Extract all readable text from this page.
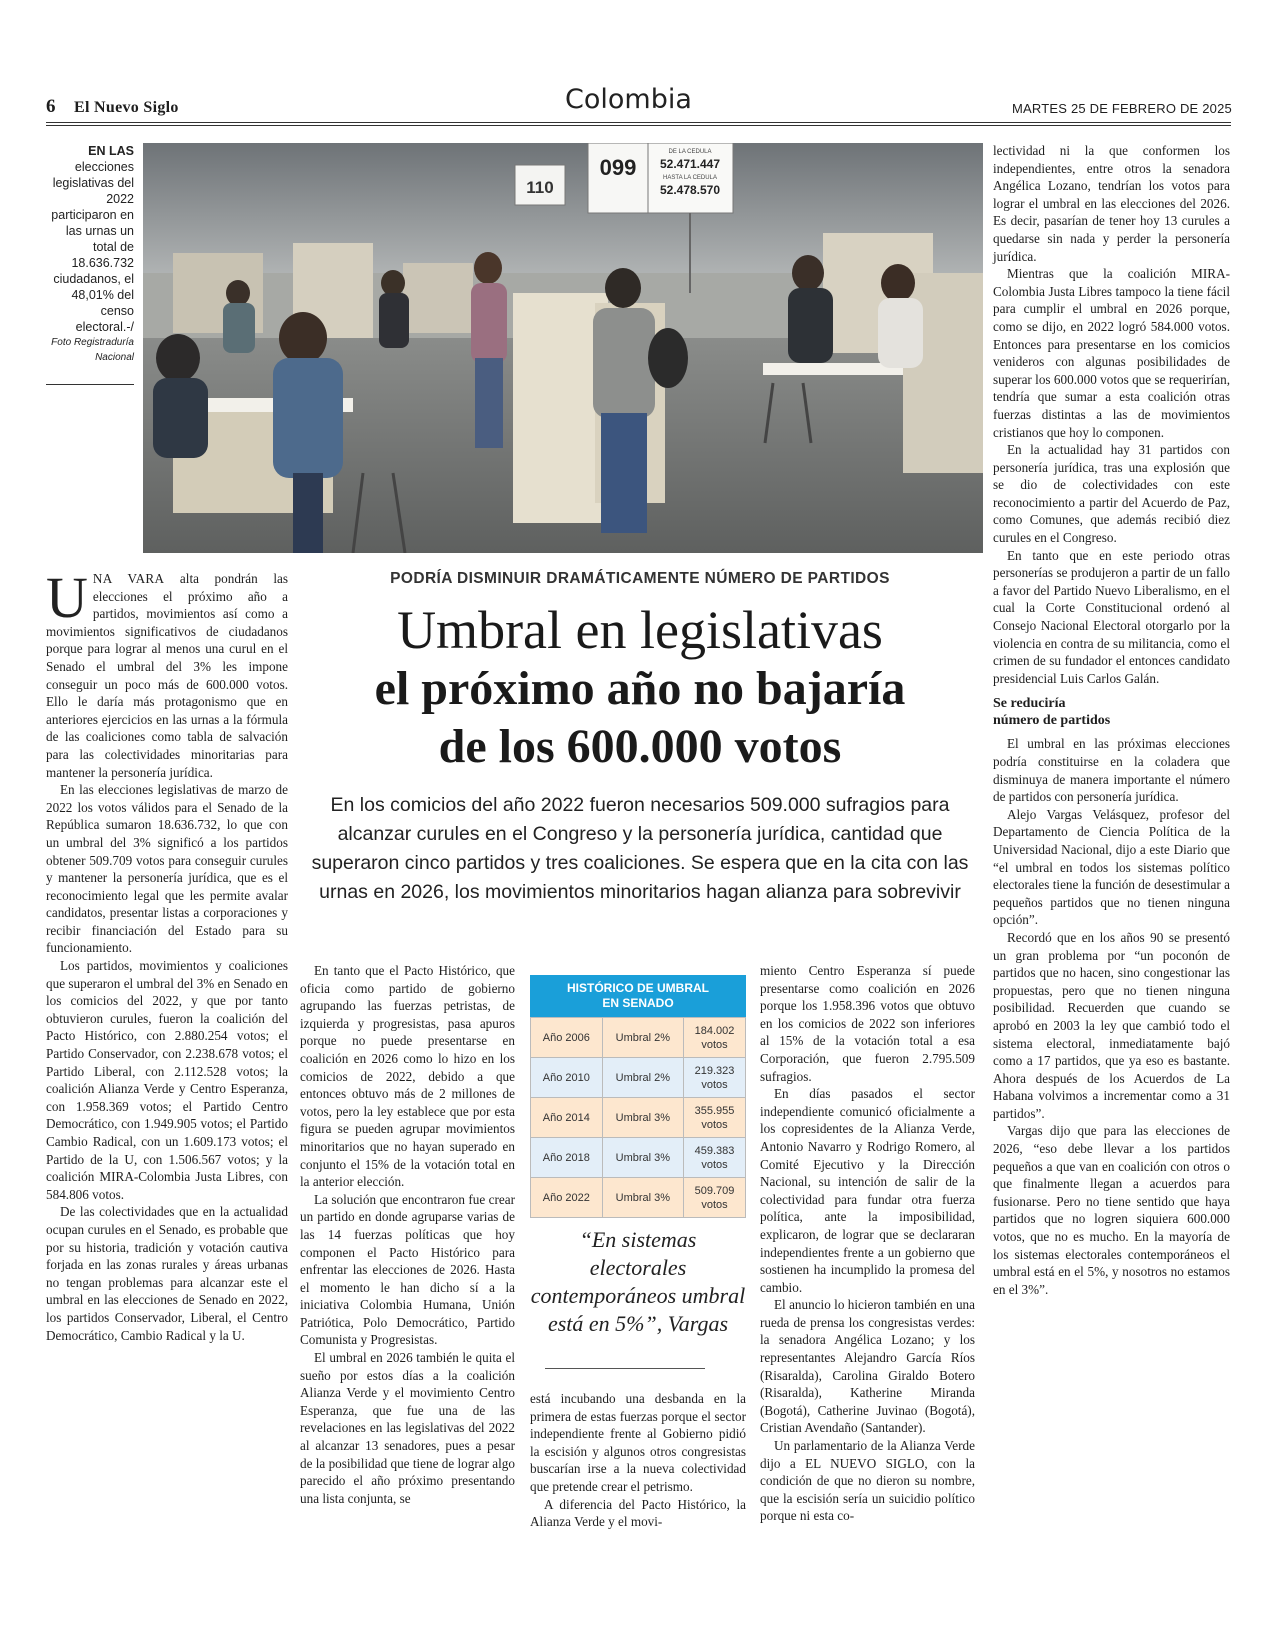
6 El Nuevo Siglo	Colombia	MARTES 25 DE FEBRERO DE 2025
EN LAS elecciones legislativas del 2022 participaron en las urnas un total de 18.636.732 ciudadanos, el 48,01% del censo electoral.-/
Foto Registraduría Nacional
110
099
DE LA CEDULA
52.471.447
HASTA LA CEDULA
52.478.570

UNA VARA alta pondrán las elecciones el próximo año a partidos, movimientos así como a movimientos significativos de ciudadanos porque para lograr al menos una curul en el Senado el umbral del 3% les impone conseguir un poco más de 600.000 votos. Ello le daría más protagonismo que en anteriores ejercicios en las urnas a la fórmula de las coaliciones como tabla de salvación para las colectividades minoritarias para mantener la personería jurídica.

En las elecciones legislativas de marzo de 2022 los votos válidos para el Senado de la República sumaron 18.636.732, lo que con un umbral del 3% significó a los partidos obtener 509.709 votos para conseguir curules y mantener la personería jurídica, que es el reconocimiento legal que les permite avalar candidatos, presentar listas a corporaciones y recibir financiación del Estado para su funcionamiento.

Los partidos, movimientos y coaliciones que superaron el umbral del 3% en Senado en los comicios del 2022, y que por tanto obtuvieron curules, fueron la coalición del Pacto Histórico, con 2.880.254 votos; el Partido Conservador, con 2.238.678 votos; el Partido Liberal, con 2.112.528 votos; la coalición Alianza Verde y Centro Esperanza, con 1.958.369 votos; el Partido Centro Democrático, con 1.949.905 votos; el Partido Cambio Radical, con un 1.609.173 votos; el Partido de la U, con 1.506.567 votos; y la coalición MIRA-Colombia Justa Libres, con 584.806 votos.

De las colectividades que en la actualidad ocupan curules en el Senado, es probable que por su historia, tradición y votación cautiva forjada en las zonas rurales y áreas urbanas no tengan problemas para alcanzar este el umbral en las elecciones de Senado en 2022, los partidos Conservador, Liberal, el Centro Democrático, Cambio Radical y la U.

PODRÍA DISMINUIR DRAMÁTICAMENTE NÚMERO DE PARTIDOS
Umbral en legislativas
el próximo año no bajaría
de los 600.000 votos
En los comicios del año 2022 fueron necesarios 509.000 sufragios para alcanzar curules en el Congreso y la personería jurídica, cantidad que superaron cinco partidos y tres coaliciones. Se espera que en la cita con las urnas en 2026, los movimientos minoritarios hagan alianza para sobrevivir

En tanto que el Pacto Histórico, que oficia como partido de gobierno agrupando las fuerzas petristas, de izquierda y progresistas, pasa apuros porque no puede presentarse en coalición en 2026 como lo hizo en los comicios de 2022, debido a que entonces obtuvo más de 2 millones de votos, pero la ley establece que por esta figura se pueden agrupar movimientos minoritarios que no hayan superado en conjunto el 15% de la votación total en la anterior elección.

La solución que encontraron fue crear un partido en donde agruparse varias de las 14 fuerzas políticas que hoy componen el Pacto Histórico para enfrentar las elecciones de 2026. Hasta el momento le han dicho sí a la iniciativa Colombia Humana, Unión Patriótica, Polo Democrático, Partido Comunista y Progresistas.

El umbral en 2026 también le quita el sueño por estos días a la coalición Alianza Verde y el movimiento Centro Esperanza, que fue una de las revelaciones en las legislativas del 2022 al alcanzar 13 senadores, pues a pesar de la posibilidad que tiene de lograr algo parecido el año próximo presentando una lista conjunta, se

HISTÓRICO DE UMBRAL
EN SENADO
Año 2006	Umbral 2%	184.002
votos

Año 2010	Umbral 2%	219.323
votos

Año 2014	Umbral 3%	355.955
votos

Año 2018	Umbral 3%	459.383
votos

Año 2022	Umbral 3%	509.709
votos
“En sistemas electorales contemporáneos umbral está en 5%”, Vargas

está incubando una desbanda en la primera de estas fuerzas porque el sector independiente frente al Gobierno pidió la escisión y algunos otros congresistas buscarían irse a la nueva colectividad que pretende crear el petrismo.

A diferencia del Pacto Histórico, la Alianza Verde y el movi-

miento Centro Esperanza sí puede presentarse como coalición en 2026 porque los 1.958.396 votos que obtuvo en los comicios de 2022 son inferiores al 15% de la votación total a esa Corporación, que fueron 2.795.509 sufragios.

En días pasados el sector independiente comunicó oficialmente a los copresidentes de la Alianza Verde, Antonio Navarro y Rodrigo Romero, al Comité Ejecutivo y la Dirección Nacional, su intención de salir de la colectividad para fundar otra fuerza política, ante la imposibilidad, explicaron, de lograr que se declararan independientes frente a un gobierno que sostienen ha incumplido la promesa del cambio.

El anuncio lo hicieron también en una rueda de prensa los congresistas verdes: la senadora Angélica Lozano; y los representantes Alejandro García Ríos (Risaralda), Carolina Giraldo Botero (Risaralda), Katherine Miranda (Bogotá), Catherine Juvinao (Bogotá), Cristian Avendaño (Santander).

Un parlamentario de la Alianza Verde dijo a EL NUEVO SIGLO, con la condición de que no dieron su nombre, que la escisión sería un suicidio político porque ni esta co-

lectividad ni la que conformen los independientes, entre otros la senadora Angélica Lozano, tendrían los votos para lograr el umbral en las elecciones del 2026. Es decir, pasarían de tener hoy 13 curules a quedarse sin nada y perder la personería jurídica.

Mientras que la coalición MIRA-Colombia Justa Libres tampoco la tiene fácil para cumplir el umbral en 2026 porque, como se dijo, en 2022 logró 584.000 votos. Entonces para presentarse en los comicios venideros con algunas posibilidades de superar los 600.000 votos que se requerirían, tendría que sumar a esta coalición otras fuerzas distintas a las de movimientos cristianos que hoy lo componen.

En la actualidad hay 31 partidos con personería jurídica, tras una explosión que se dio de colectividades con este reconocimiento a partir del Acuerdo de Paz, como Comunes, que además recibió diez curules en el Congreso.

En tanto que en este periodo otras personerías se produjeron a partir de un fallo a favor del Partido Nuevo Liberalismo, en el cual la Corte Constitucional ordenó al Consejo Nacional Electoral otorgarlo por la violencia en contra de su militancia, como el crimen de su fundador el entonces candidato presidencial Luis Carlos Galán.

Se reduciría
número de partidos

El umbral en las próximas elecciones podría constituirse en la coladera que disminuya de manera importante el número de partidos con personería jurídica.

Alejo Vargas Velásquez, profesor del Departamento de Ciencia Política de la Universidad Nacional, dijo a este Diario que “el umbral en todos los sistemas político electorales tiene la función de desestimular a pequeños partidos que no tienen ninguna opción”.

Recordó que en los años 90 se presentó un gran problema por “un poconón de partidos que no hacen, sino congestionar las propuestas, pero que no tienen ninguna posibilidad. Recuerden que cuando se aprobó en 2003 la ley que cambió todo el sistema electoral, inmediatamente bajó como a 17 partidos, que ya eso es bastante. Ahora después de los Acuerdos de La Habana volvimos a incrementar como a 31 partidos”.

Vargas dijo que para las elecciones de 2026, “eso debe llevar a los partidos pequeños a que van en coalición con otros o que finalmente llegan a acuerdos para fusionarse. Pero no tiene sentido que haya partidos que no logren siquiera 600.000 votos, que no es mucho. En la mayoría de los sistemas electorales contemporáneos el umbral está en el 5%, y nosotros no estamos en el 3%”.
